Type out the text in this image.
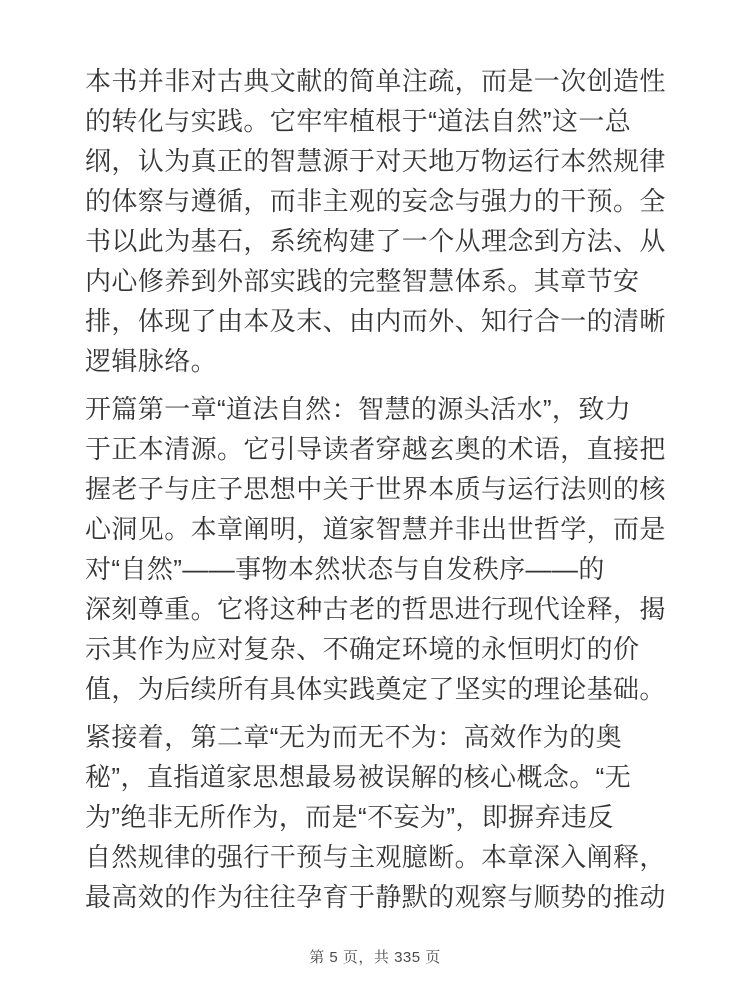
本书并非对古典文献的简单注疏，而是一次创造性
的转化与实践。它牢牢植根于“道法自然”这一总
纲，认为真正的智慧源于对天地万物运行本然规律
的体察与遵循，而非主观的妄念与强力的干预。全
书以此为基石，系统构建了一个从理念到方法、从
内心修养到外部实践的完整智慧体系。其章节安
排，体现了由本及末、由内而外、知行合一的清晰
逻辑脉络。
开篇第一章“道法自然：智慧的源头活水”，致力
于正本清源。它引导读者穿越玄奥的术语，直接把
握老子与庄子思想中关于世界本质与运行法则的核
心洞见。本章阐明，道家智慧并非出世哲学，而是
对“自然”——事物本然状态与自发秩序——的
深刻尊重。它将这种古老的哲思进行现代诠释，揭
示其作为应对复杂、不确定环境的永恒明灯的价
值，为后续所有具体实践奠定了坚实的理论基础。
紧接着，第二章“无为而无不为：高效作为的奥
秘”，直指道家思想最易被误解的核心概念。“无
为”绝非无所作为，而是“不妄为”，即摒弃违反
自然规律的强行干预与主观臆断。本章深入阐释，
最高效的作为往往孕育于静默的观察与顺势的推动
第 5 页，共 335 页
